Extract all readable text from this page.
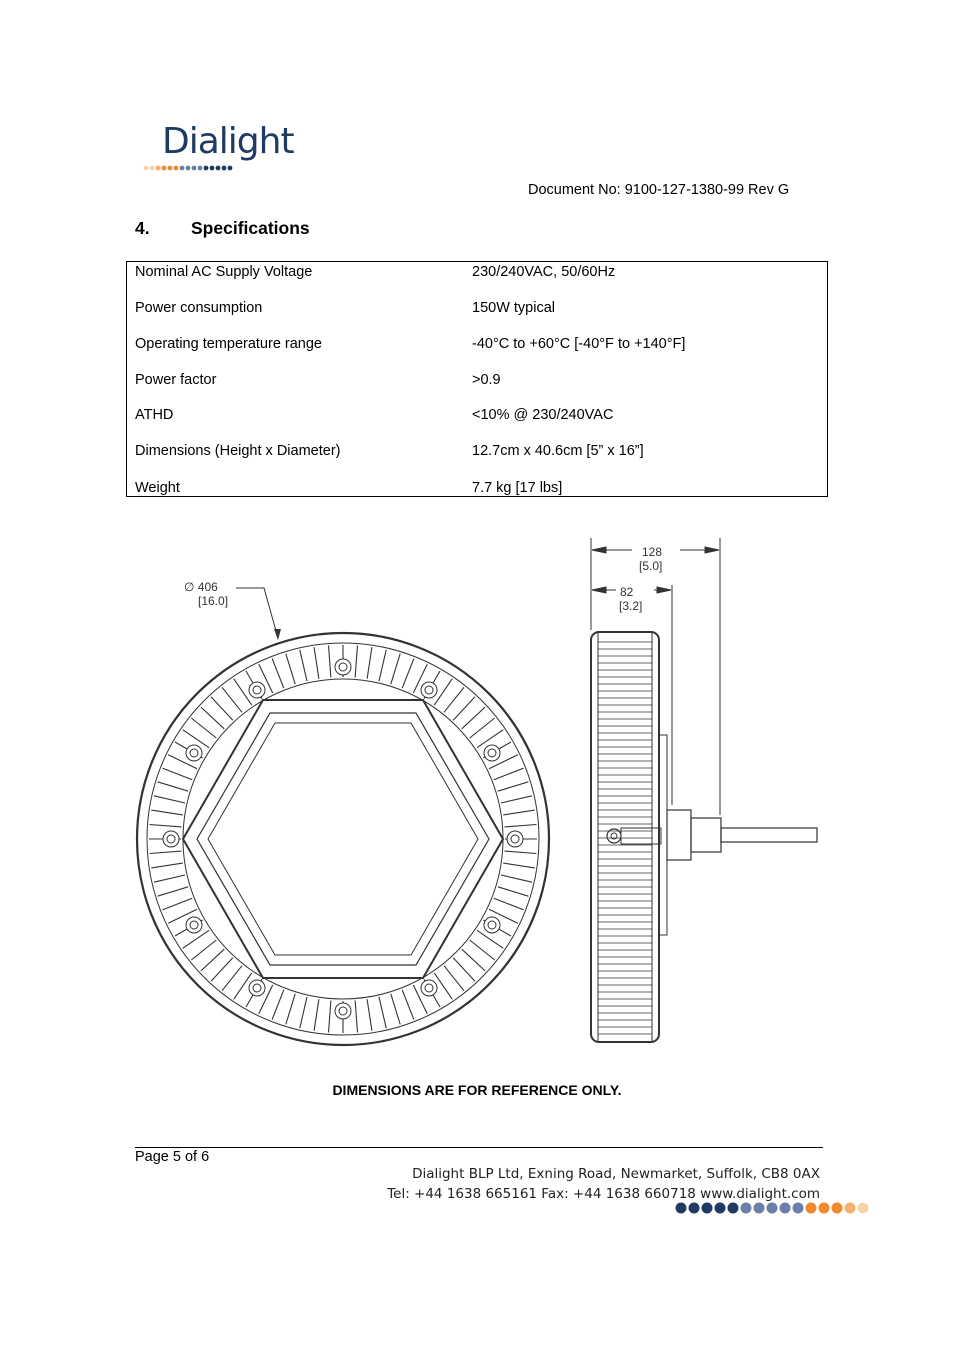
Dialight
Document No: 9100-127-1380-99 Rev G
4. Specifications
Nominal AC Supply Voltage	230/240VAC, 50/60Hz
Power consumption	150W typical
Operating temperature range	-40°C to +60°C [-40°F to +140°F]
Power factor	>0.9
ATHD	<10% @ 230/240VAC
Dimensions (Height x Diameter)	12.7cm x 40.6cm [5” x 16”]
Weight	7.7 kg [17 lbs]
∅ 406
[16.0]
128
[5.0]
82
[3.2]
DIMENSIONS ARE FOR REFERENCE ONLY.
Page 5 of 6
Dialight BLP Ltd, Exning Road, Newmarket, Suffolk, CB8 0AX
Tel: +44 1638 665161 Fax: +44 1638 660718 www.dialight.com
